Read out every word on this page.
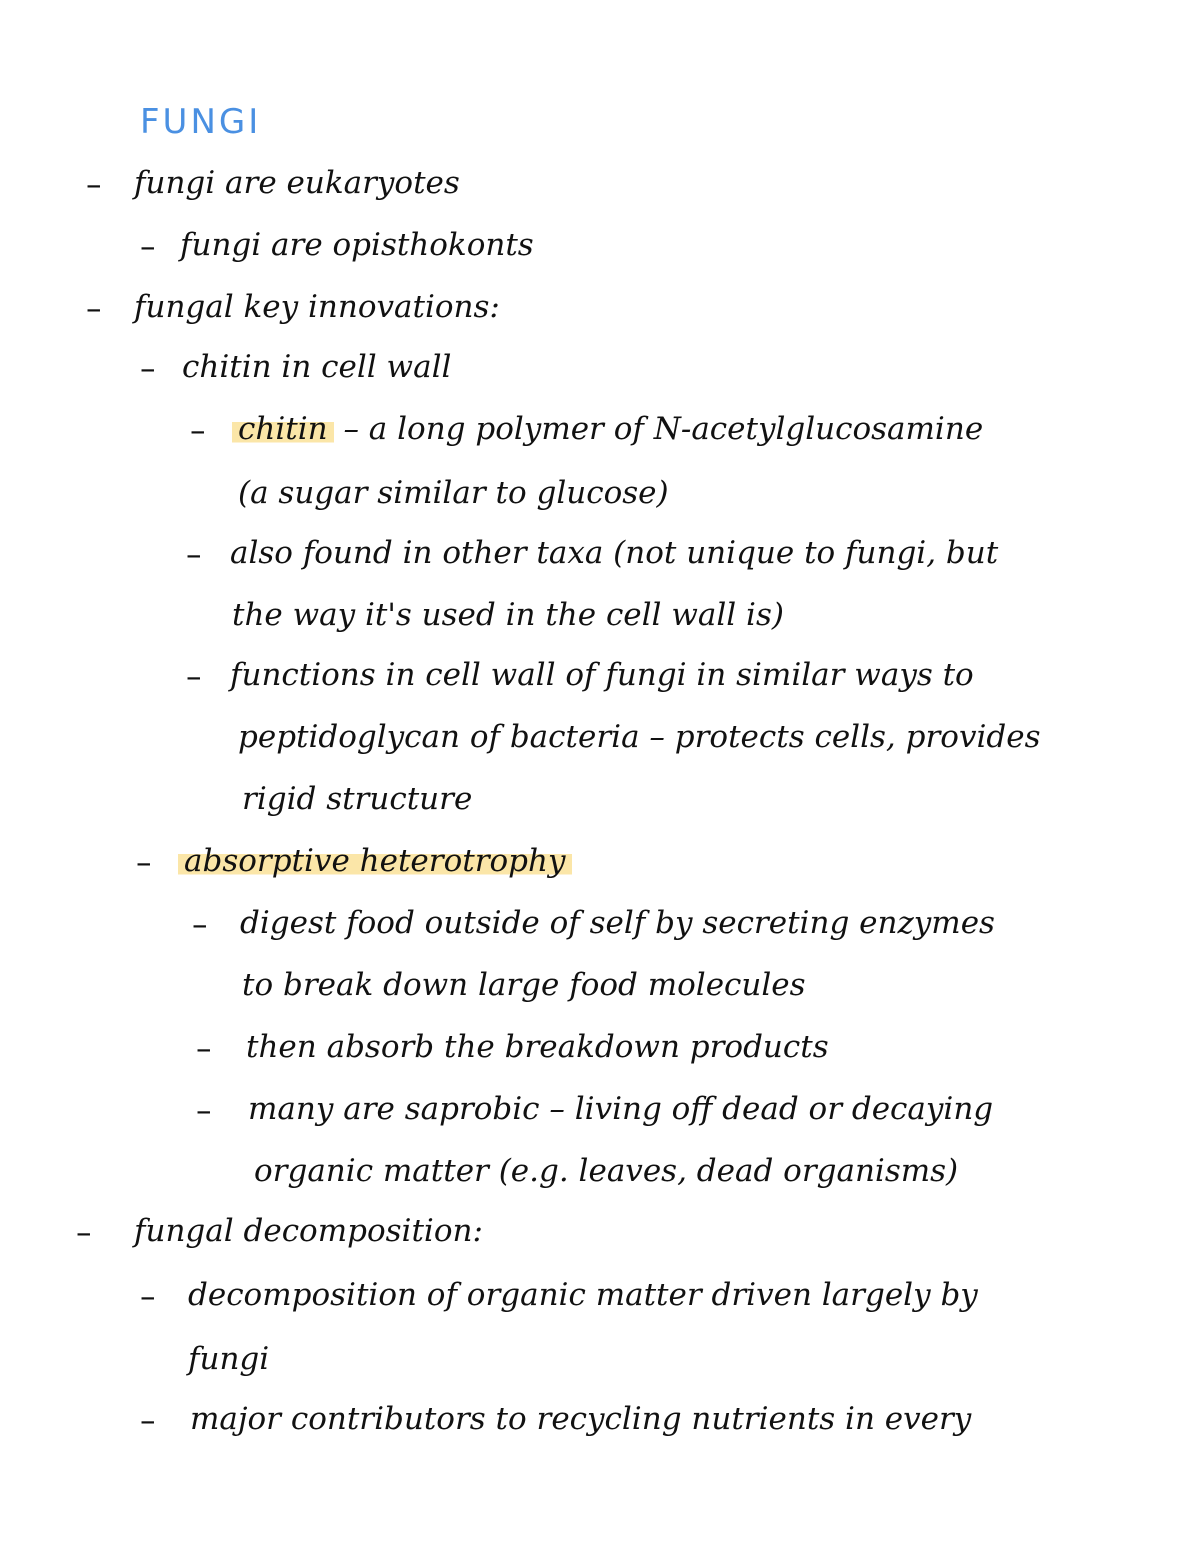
FUNGI
– fungi are eukaryotes
– fungi are opisthokonts
– fungal key innovations:
– chitin in cell wall
– chitin – a long polymer of N-acetylglucosamine
(a sugar similar to glucose)
– also found in other taxa (not unique to fungi, but
the way it's used in the cell wall is)
– functions in cell wall of fungi in similar ways to
peptidoglycan of bacteria – protects cells, provides
rigid structure
– absorptive heterotrophy
– digest food outside of self by secreting enzymes
to break down large food molecules
– then absorb the breakdown products
– many are saprobic – living off dead or decaying
organic matter (e.g. leaves, dead organisms)
– fungal decomposition:
– decomposition of organic matter driven largely by
fungi
– major contributors to recycling nutrients in every
